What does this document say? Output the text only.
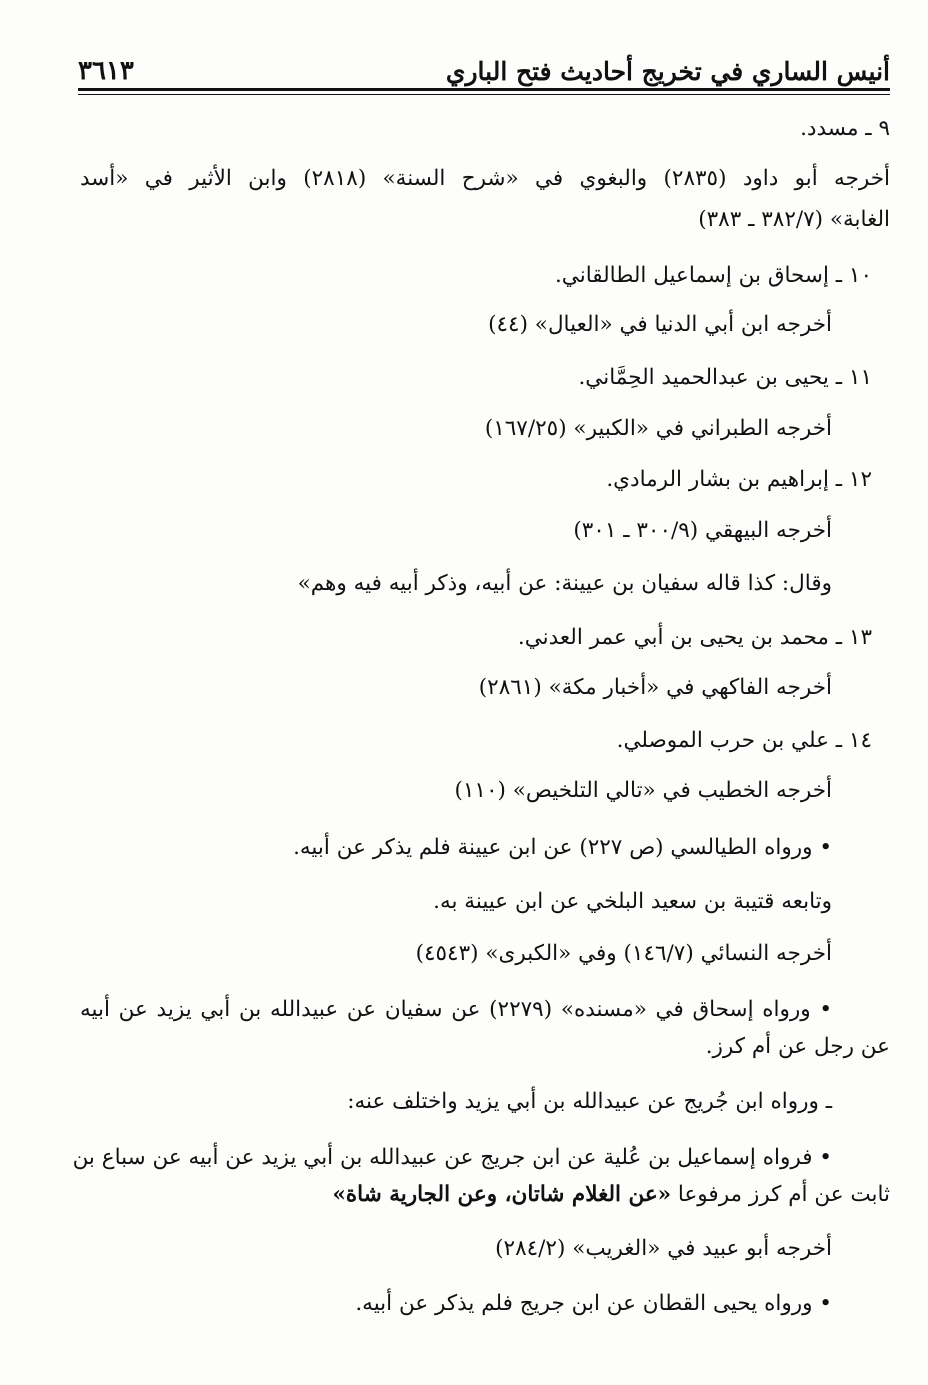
أنيس الساري في تخريج أحاديث فتح الباري
٣٦١٣
٩ ـ مسدد.
أخرجه أبو داود (٢٨٣٥) والبغوي في «شرح السنة» (٢٨١٨) وابن الأثير في «أسد
الغابة» (٣٨٢/٧ ـ ٣٨٣)
١٠ ـ إسحاق بن إسماعيل الطالقاني.
أخرجه ابن أبي الدنيا في «العيال» (٤٤)
١١ ـ يحيى بن عبدالحميد الحِمَّاني.
أخرجه الطبراني في «الكبير» (١٦٧/٢٥)
١٢ ـ إبراهيم بن بشار الرمادي.
أخرجه البيهقي (٣٠٠/٩ ـ ٣٠١)
وقال: كذا قاله سفيان بن عيينة: عن أبيه، وذكر أبيه فيه وهم»
١٣ ـ محمد بن يحيى بن أبي عمر العدني.
أخرجه الفاكهي في «أخبار مكة» (٢٨٦١)
١٤ ـ علي بن حرب الموصلي.
أخرجه الخطيب في «تالي التلخيص» (١١٠)
• ورواه الطيالسي (ص ٢٢٧) عن ابن عيينة فلم يذكر عن أبيه.
وتابعه قتيبة بن سعيد البلخي عن ابن عيينة به.
أخرجه النسائي (١٤٦/٧) وفي «الكبرى» (٤٥٤٣)
• ورواه إسحاق في «مسنده» (٢٢٧٩) عن سفيان عن عبيدالله بن أبي يزيد عن أبيه
عن رجل عن أم كرز.
ـ ورواه ابن جُريج عن عبيدالله بن أبي يزيد واختلف عنه:
• فرواه إسماعيل بن عُلية عن ابن جريج عن عبيدالله بن أبي يزيد عن أبيه عن سباع بن
ثابت عن أم كرز مرفوعا «عن الغلام شاتان، وعن الجارية شاة»
أخرجه أبو عبيد في «الغريب» (٢٨٤/٢)
• ورواه يحيى القطان عن ابن جريج فلم يذكر عن أبيه.
